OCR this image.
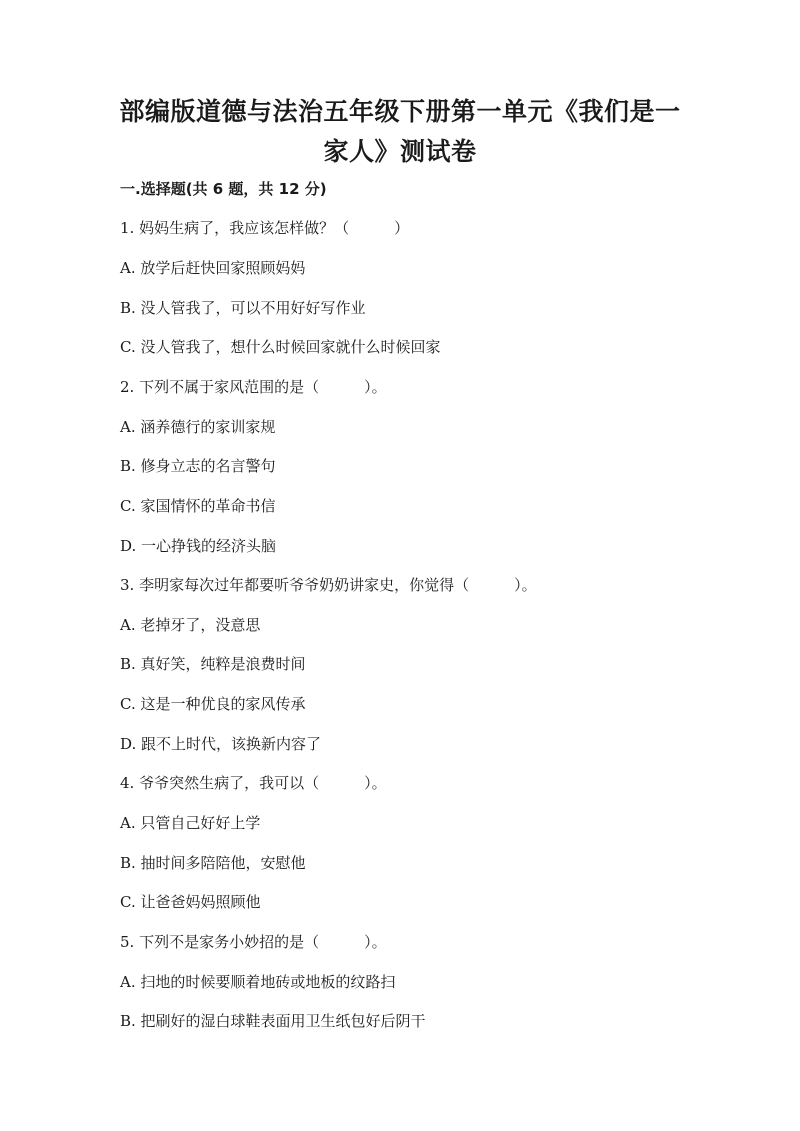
部编版道德与法治五年级下册第一单元《我们是一
家人》测试卷
一.选择题(共 6 题，共 12 分)
1. 妈妈生病了，我应该怎样做？（　　　）
A. 放学后赶快回家照顾妈妈
B. 没人管我了，可以不用好好写作业
C. 没人管我了，想什么时候回家就什么时候回家
2. 下列不属于家风范围的是（　　　）。
A. 涵养德行的家训家规
B. 修身立志的名言警句
C. 家国情怀的革命书信
D. 一心挣钱的经济头脑
3. 李明家每次过年都要听爷爷奶奶讲家史，你觉得（　　　）。
A. 老掉牙了，没意思
B. 真好笑，纯粹是浪费时间
C. 这是一种优良的家风传承
D. 跟不上时代，该换新内容了
4. 爷爷突然生病了，我可以（　　　）。
A. 只管自己好好上学
B. 抽时间多陪陪他，安慰他
C. 让爸爸妈妈照顾他
5. 下列不是家务小妙招的是（　　　）。
A. 扫地的时候要顺着地砖或地板的纹路扫
B. 把刷好的湿白球鞋表面用卫生纸包好后阴干
